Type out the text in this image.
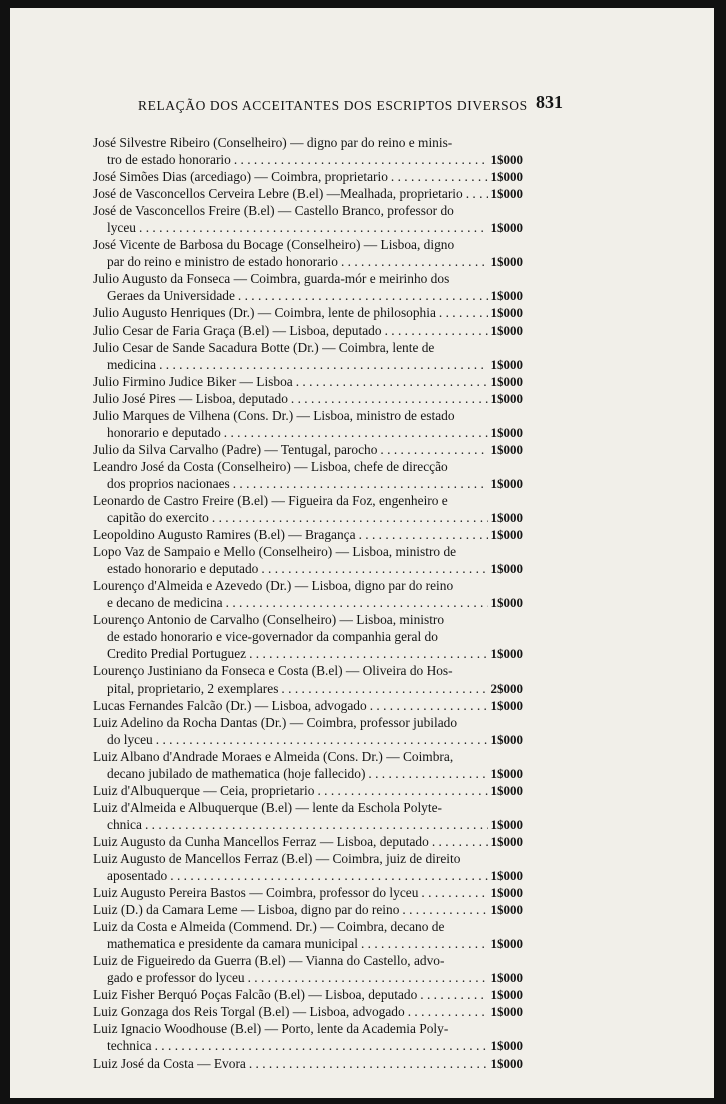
RELAÇÃO DOS ACCEITANTES DOS ESCRIPTOS DIVERSOS 831
José Silvestre Ribeiro (Conselheiro) — digno par do reino e minis-
tro de estado honorario	1$000
. . .
José Simões Dias (arcediago) — Coimbra, proprietario	1$000
. . .
José de Vasconcellos Cerveira Lebre (B.el) —Mealhada, proprietario 1$000
. . .
José de Vasconcellos Freire (B.el) — Castello Branco, professor do
lyceu	1$000
. . .
José Vicente de Barbosa du Bocage (Conselheiro) — Lisboa, digno
par do reino e ministro de estado honorario	1$000
. . .
Julio Augusto da Fonseca — Coimbra, guarda-mór e meirinho dos
Geraes da Universidade	1$000
. . .
Julio Augusto Henriques (Dr.) — Coimbra, lente de philosophia	1$000
. . .
Julio Cesar de Faria Graça (B.el) — Lisboa, deputado	1$000
. . .
Julio Cesar de Sande Sacadura Botte (Dr.) — Coimbra, lente de
medicina	1$000
. . .
Julio Firmino Judice Biker — Lisboa	1$000
. . .
Julio José Pires — Lisboa, deputado	1$000
. . .
Julio Marques de Vilhena (Cons. Dr.) — Lisboa, ministro de estado
honorario e deputado	1$000
. . .
Julio da Silva Carvalho (Padre) — Tentugal, parocho	1$000
. . .
Leandro José da Costa (Conselheiro) — Lisboa, chefe de direcção
dos proprios nacionaes	1$000
. . .
Leonardo de Castro Freire (B.el) — Figueira da Foz, engenheiro e
capitão do exercito	1$000
. . .
Leopoldino Augusto Ramires (B.el) — Bragança	1$000
. . .
Lopo Vaz de Sampaio e Mello (Conselheiro) — Lisboa, ministro de
estado honorario e deputado	1$000
. . .
Lourenço d'Almeida e Azevedo (Dr.) — Lisboa, digno par do reino
e decano de medicina	1$000
. . .
Lourenço Antonio de Carvalho (Conselheiro) — Lisboa, ministro
de estado honorario e vice-governador da companhia geral do
Credito Predial Portuguez	1$000
. . .
Lourenço Justiniano da Fonseca e Costa (B.el) — Oliveira do Hos-
pital, proprietario, 2 exemplares	2$000
. . .
Lucas Fernandes Falcão (Dr.) — Lisboa, advogado	1$000
. . .
Luiz Adelino da Rocha Dantas (Dr.) — Coimbra, professor jubilado
do lyceu	1$000
. . .
Luiz Albano d'Andrade Moraes e Almeida (Cons. Dr.) — Coimbra,
decano jubilado de mathematica (hoje fallecido)	1$000
. . .
Luiz d'Albuquerque — Ceia, proprietario	1$000
. . .
Luiz d'Almeida e Albuquerque (B.el) — lente da Eschola Polyte-
chnica	1$000
. . .
Luiz Augusto da Cunha Mancellos Ferraz — Lisboa, deputado	1$000
. . .
Luiz Augusto de Mancellos Ferraz (B.el) — Coimbra, juiz de direito
aposentado	1$000
. . .
Luiz Augusto Pereira Bastos — Coimbra, professor do lyceu	1$000
. . .
Luiz (D.) da Camara Leme — Lisboa, digno par do reino	1$000
. . .
Luiz da Costa e Almeida (Commend. Dr.) — Coimbra, decano de
mathematica e presidente da camara municipal	1$000
. . .
Luiz de Figueiredo da Guerra (B.el) — Vianna do Castello, advo-
gado e professor do lyceu	1$000
. . .
Luiz Fisher Berquó Poças Falcão (B.el) — Lisboa, deputado	1$000
. . .
Luiz Gonzaga dos Reis Torgal (B.el) — Lisboa, advogado	1$000
. . .
Luiz Ignacio Woodhouse (B.el) — Porto, lente da Academia Poly-
technica	1$000
. . .
Luiz José da Costa — Evora	1$000
. . .
